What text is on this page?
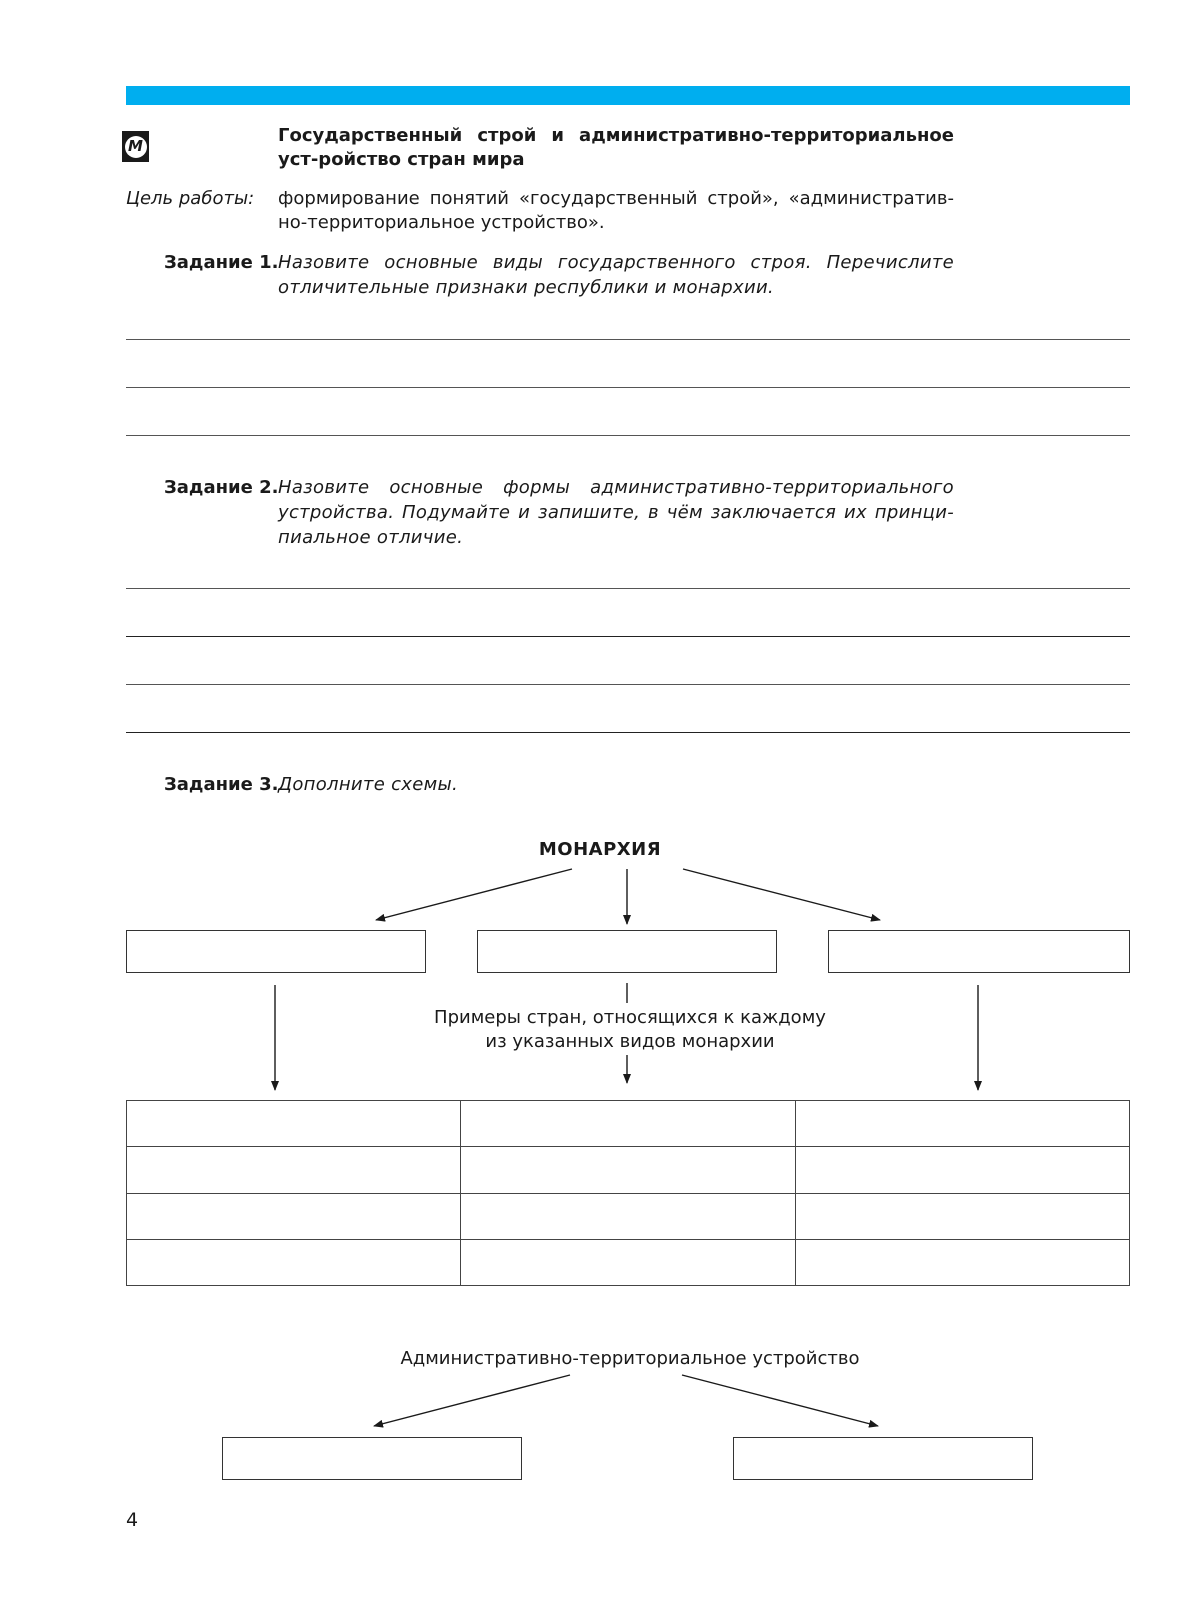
М	Государственный строй и административно-территориальное уст-ройство стран мира
Цель работы: формирование понятий «государственный строй», «административ-но-территориальное устройство».
Задание 1. Назовите основные виды государственного строя. Перечислите отличительные признаки республики и монархии.
Задание 2. Назовите основные формы административно-территориального устройства. Подумайте и запишите, в чём заключается их принци-пиальное отличие.
Задание 3. Дополните схемы.
МОНАРХИЯ
Примеры стран, относящихся к каждому
из указанных видов монархии

Административно-территориальное устройство
4
